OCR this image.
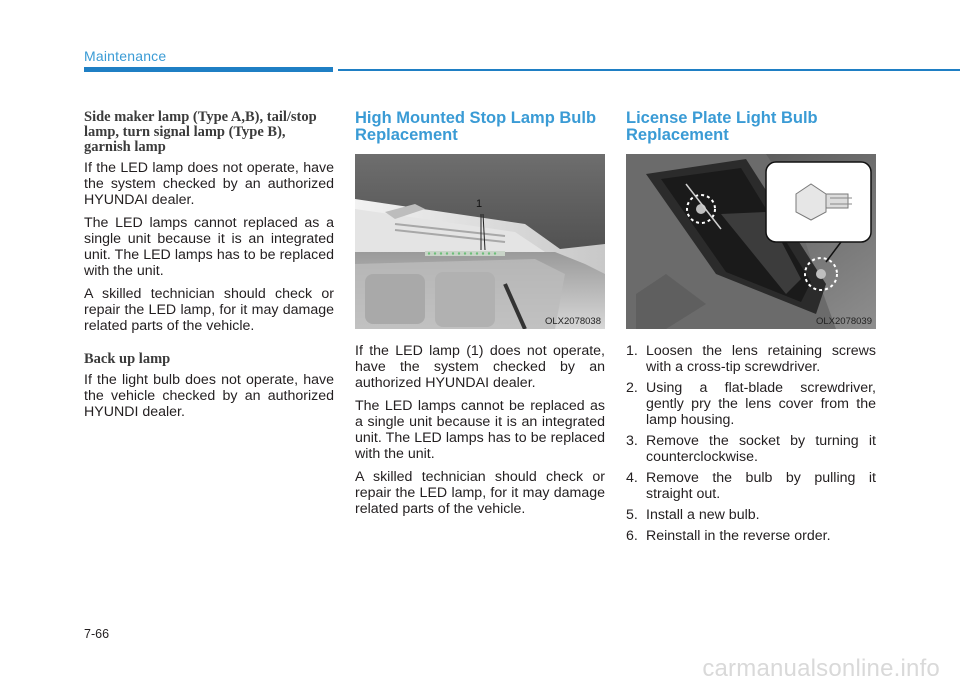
Maintenance
Side maker lamp (Type A,B), tail/stop lamp, turn signal lamp (Type B), garnish lamp

If the LED lamp does not operate, have the system checked by an authorized HYUNDAI dealer.

The LED lamps cannot replaced as a single unit because it is an integrated unit. The LED lamps has to be replaced with the unit.

A skilled technician should check or repair the LED lamp, for it may damage related parts of the vehicle.

Back up lamp

If the light bulb does not operate, have the vehicle checked by an authorized HYUNDI dealer.

High Mounted Stop Lamp Bulb Replacement
1
OLX2078038

If the LED lamp (1) does not operate, have the system checked by an authorized HYUNDAI dealer.

The LED lamps cannot be replaced as a single unit because it is an integrated unit. The LED lamps has to be replaced with the unit.

A skilled technician should check or repair the LED lamp, for it may damage related parts of the vehicle.

License Plate Light Bulb Replacement
OLX2078039
1. Loosen the lens retaining screws with a cross-tip screwdriver.
2. Using a flat-blade screwdriver, gently pry the lens cover from the lamp housing.
3. Remove the socket by turning it counterclockwise.
4. Remove the bulb by pulling it straight out.
5. Install a new bulb.
6. Reinstall in the reverse order.
7-66
carmanualsonline.info
